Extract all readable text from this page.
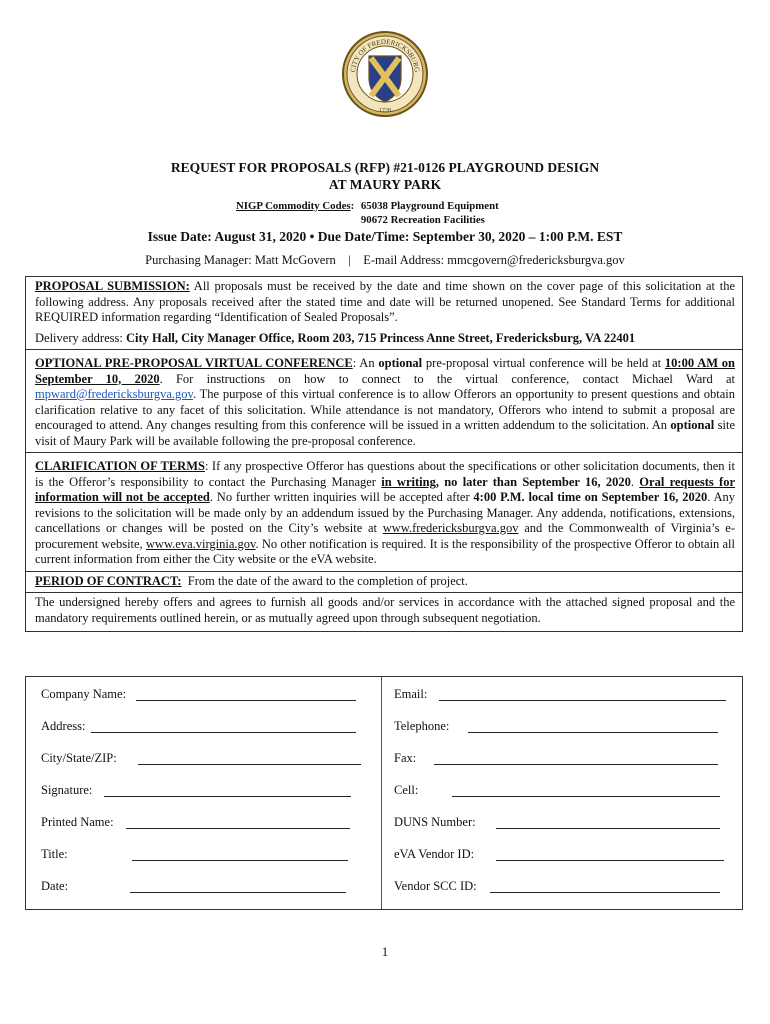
CITY OF FREDERICKSBURG
1728
REQUEST FOR PROPOSALS (RFP) #21-0126 PLAYGROUND DESIGN
AT MAURY PARK
NIGP Commodity Codes: 65038 Playground Equipment
90672 Recreation Facilities
Issue Date: August 31, 2020 • Due Date/Time: September 30, 2020 – 1:00 P.M. EST
Purchasing Manager: Matt McGovern    |    E-mail Address: mmcgovern@fredericksburgva.gov
PROPOSAL SUBMISSION: All proposals must be received by the date and time shown on the cover page of this solicitation at the following address. Any proposals received after the stated time and date will be returned unopened. See Standard Terms for additional REQUIRED information regarding “Identification of Sealed Proposals”.
Delivery address: City Hall, City Manager Office, Room 203, 715 Princess Anne Street, Fredericksburg, VA 22401
OPTIONAL PRE-PROPOSAL VIRTUAL CONFERENCE: An optional pre-proposal virtual conference will be held at 10:00 AM on September 10, 2020. For instructions on how to connect to the virtual conference, contact Michael Ward at mpward@fredericksburgva.gov. The purpose of this virtual conference is to allow Offerors an opportunity to present questions and obtain clarification relative to any facet of this solicitation. While attendance is not mandatory, Offerors who intend to submit a proposal are encouraged to attend. Any changes resulting from this conference will be issued in a written addendum to the solicitation. An optional site visit of Maury Park will be available following the pre-proposal conference.
CLARIFICATION OF TERMS: If any prospective Offeror has questions about the specifications or other solicitation documents, then it is the Offeror’s responsibility to contact the Purchasing Manager in writing, no later than September 16, 2020. Oral requests for information will not be accepted. No further written inquiries will be accepted after 4:00 P.M. local time on September 16, 2020. Any revisions to the solicitation will be made only by an addendum issued by the Purchasing Manager. Any addenda, notifications, extensions, cancellations or changes will be posted on the City’s website at www.fredericksburgva.gov and the Commonwealth of Virginia’s e-procurement website, www.eva.virginia.gov. No other notification is required. It is the responsibility of the prospective Offeror to obtain all current information from either the City website or the eVA website.
PERIOD OF CONTRACT:  From the date of the award to the completion of project.
The undersigned hereby offers and agrees to furnish all goods and/or services in accordance with the attached signed proposal and the mandatory requirements outlined herein, or as mutually agreed upon through subsequent negotiation.
Company Name:
Address:
City/State/ZIP:
Signature:
Printed Name:
Title:
Date:
Email:
Telephone:
Fax:
Cell:
DUNS Number:
eVA Vendor ID:
Vendor SCC ID:
1
